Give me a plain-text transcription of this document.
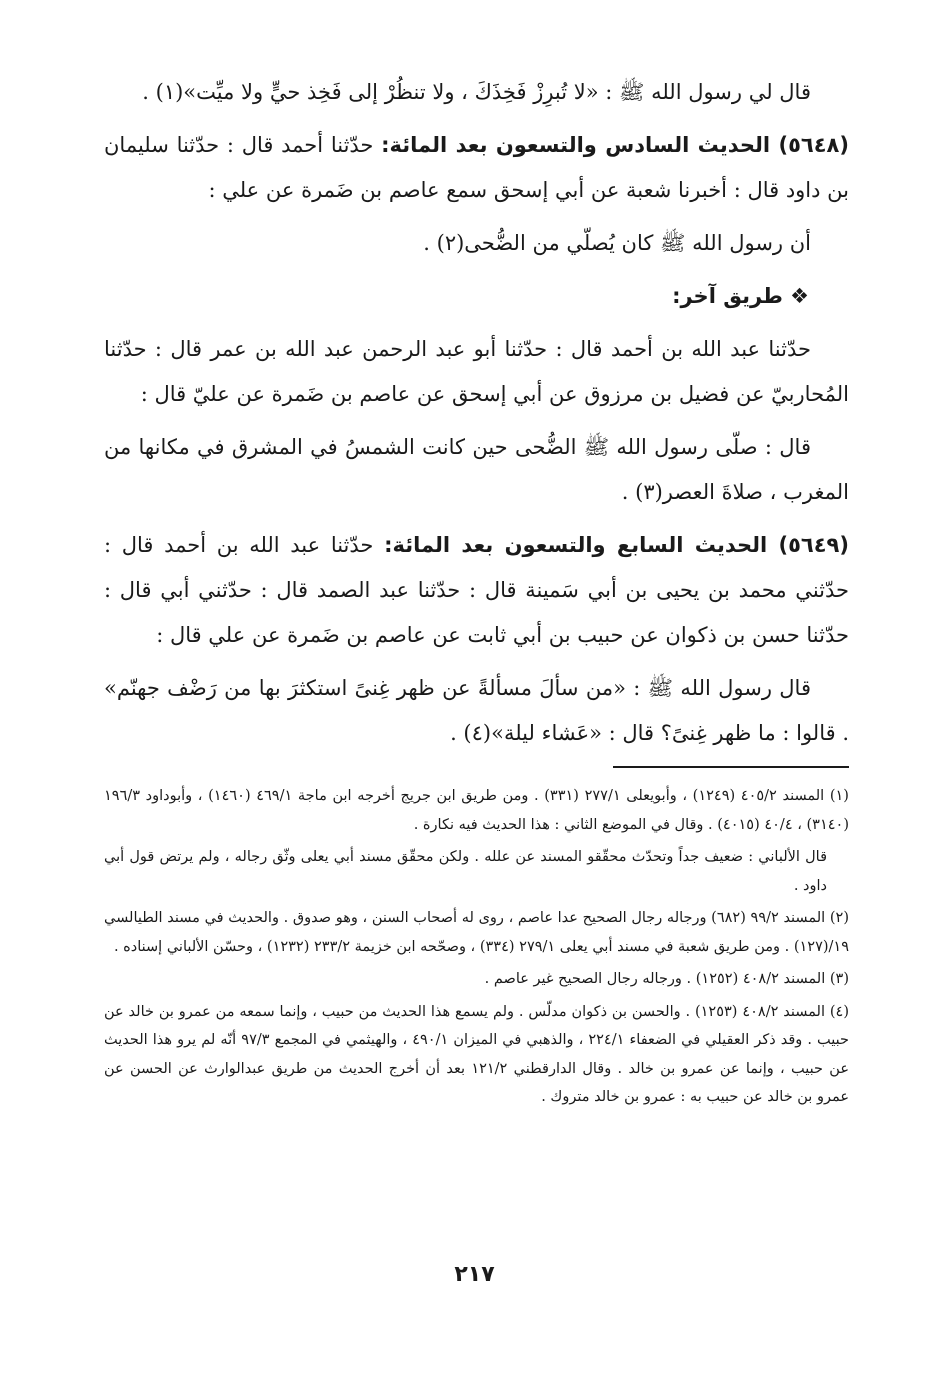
قال لي رسول الله ﷺ : «لا تُبرِزْ فَخِذَكَ ، ولا تنظُرْ إلى فَخِذ حيٍّ ولا ميِّت»(١) .

(٥٦٤٨) الحديث السادس والتسعون بعد المائة: حدّثنا أحمد قال : حدّثنا سليمان بن داود قال : أخبرنا شعبة عن أبي إسحق سمع عاصم بن ضَمرة عن علي :

أن رسول الله ﷺ كان يُصلّي من الضُّحى(٢) .

❖ طريق آخر:

حدّثنا عبد الله بن أحمد قال : حدّثنا أبو عبد الرحمن عبد الله بن عمر قال : حدّثنا المُحاربيّ عن فضيل بن مرزوق عن أبي إسحق عن عاصم بن ضَمرة عن عليّ قال :

قال : صلّى رسول الله ﷺ الضُّحى حين كانت الشمسُ في المشرق في مكانها من المغرب ، صلاةَ العصر(٣) .

(٥٦٤٩) الحديث السابع والتسعون بعد المائة: حدّثنا عبد الله بن أحمد قال : حدّثني محمد بن يحيى بن أبي سَمينة قال : حدّثنا عبد الصمد قال : حدّثني أبي قال : حدّثنا حسن بن ذكوان عن حبيب بن أبي ثابت عن عاصم بن ضَمرة عن علي قال :

قال رسول الله ﷺ : «من سألَ مسألةً عن ظهر غِنىً استكثرَ بها من رَضْف جهنّم» . قالوا : ما ظهر غِنىً؟ قال : «عَشاء ليلة»(٤) .

(١) المسند ٤٠٥/٢ (١٢٤٩) ، وأبويعلى ٢٧٧/١ (٣٣١) . ومن طريق ابن جريج أخرجه ابن ماجة ٤٦٩/١ (١٤٦٠) ، وأبوداود ١٩٦/٣ (٣١٤٠) ، ٤٠/٤ (٤٠١٥) . وقال في الموضع الثاني : هذا الحديث فيه نكارة .

قال الألباني : ضعيف جداً وتحدّث محقّقو المسند عن علله . ولكن محقّق مسند أبي يعلى وثّق رجاله ، ولم يرتض قول أبي داود .

(٢) المسند ٩٩/٢ (٦٨٢) ورجاله رجال الصحيح عدا عاصم ، روى له أصحاب السنن ، وهو صدوق . والحديث في مسند الطيالسي ١٩/(١٢٧) . ومن طريق شعبة في مسند أبي يعلى ٢٧٩/١ (٣٣٤) ، وصحّحه ابن خزيمة ٢٣٣/٢ (١٢٣٢) ، وحسّن الألباني إسناده .

(٣) المسند ٤٠٨/٢ (١٢٥٢) . ورجاله رجال الصحيح غير عاصم .

(٤) المسند ٤٠٨/٢ (١٢٥٣) . والحسن بن ذكوان مدلّس . ولم يسمع هذا الحديث من حبيب ، وإنما سمعه من عمرو بن خالد عن حبيب . وقد ذكر العقيلي في الضعفاء ٢٢٤/١ ، والذهبي في الميزان ٤٩٠/١ ، والهيثمي في المجمع ٩٧/٣ أنّه لم يرو هذا الحديث عن حبيب ، وإنما عن عمرو بن خالد . وقال الدارقطني ١٢١/٢ بعد أن أخرج الحديث من طريق عبدالوارث عن الحسن عن عمرو بن خالد عن حبيب به : عمرو بن خالد متروك .

٢١٧
